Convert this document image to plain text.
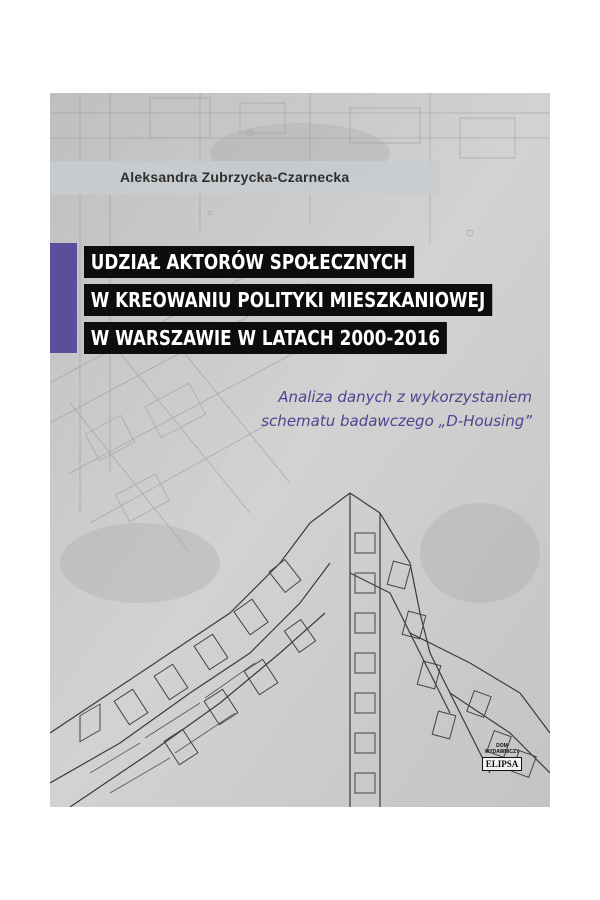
Aleksandra Zubrzycka-Czarnecka
UDZIAŁ AKTORÓW SPOŁECZNYCH
W KREOWANIU POLITYKI MIESZKANIOWEJ
W WARSZAWIE W LATACH 2000-2016
Analiza danych z wykorzystaniem
schematu badawczego „D-Housing”
DOM
WYDAWNICZY
ELIPSA
